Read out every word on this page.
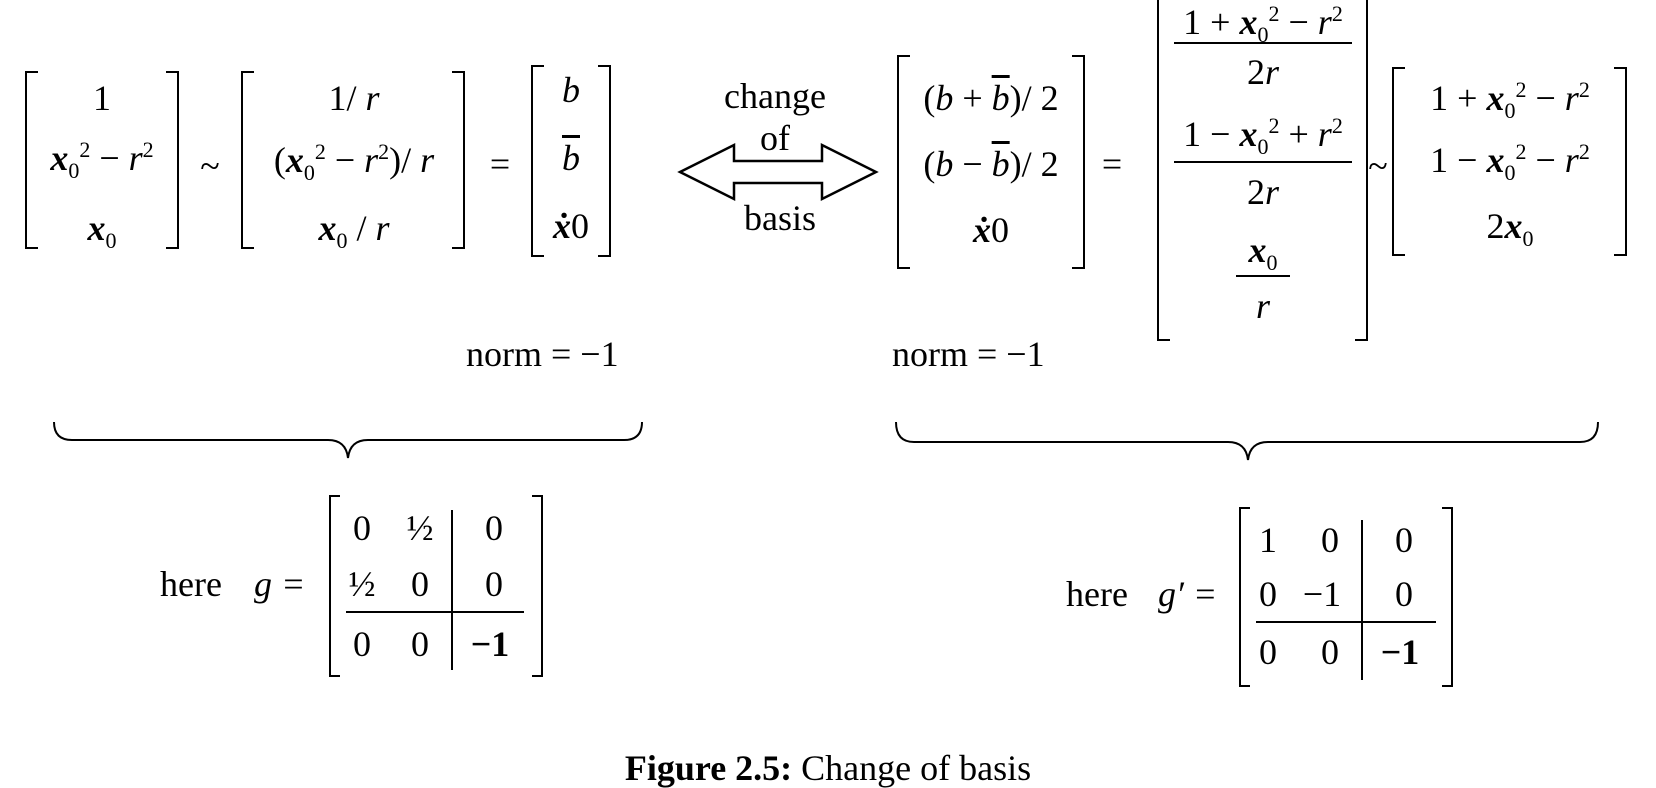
1
$x_0^2 - r^2$
$x_0$
~
1/ r
$(x_0^2 - r^2)/$ r
$x_0$ / r
=
b
$\overline{b}$
ẋ0
change
of
basis
$(b + \overline{b})/$ 2
$(b - \overline{b})/$ 2
ẋ0
=
$1 + x_0^2 - r^2$
2r
$1 - x_0^2 + r^2$
2r
$x_0$
r
~
$1 + x_0^2 - r^2$
$1 - x_0^2 - r^2$
$2x_0$
norm = −1	norm = −1
here g =
0 ½ 0
½ 0 0
0 0 −1
here g′ =
1 0 0
0 −1 0
0 0 −1
Figure 2.5: Change of basis
